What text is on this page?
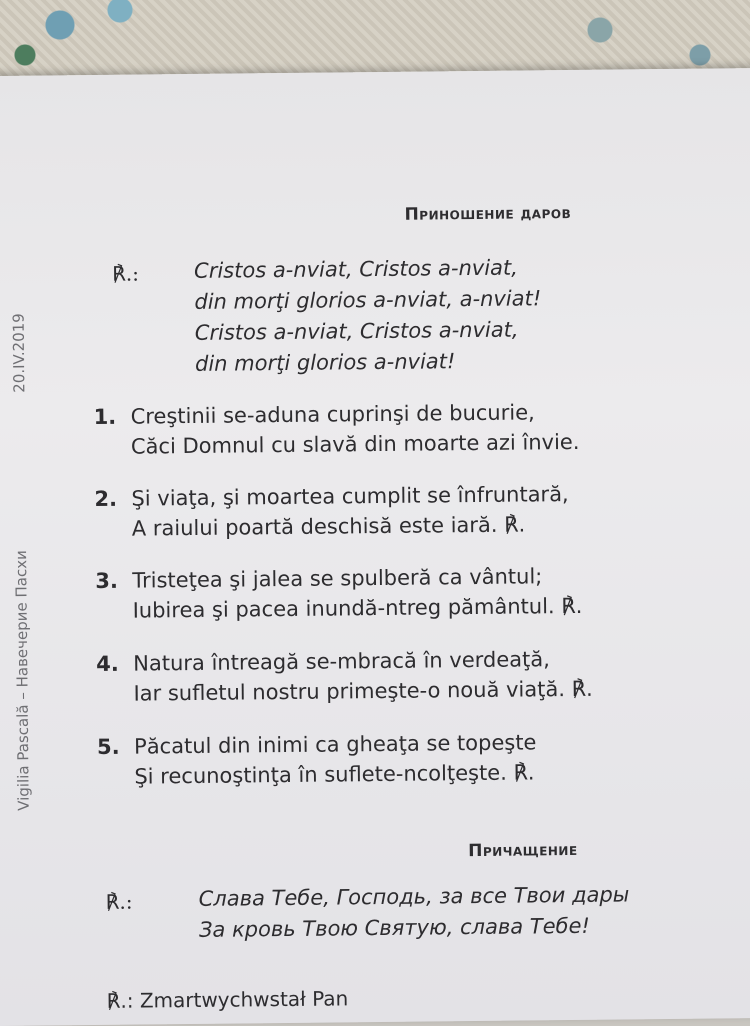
Vigilia Pascală – Навечерие Пасхи
20.IV.2019
Приношение даров
℟.:	Cristos a-nviat, Cristos a-nviat,
din morţi glorios a-nviat, a-nviat!
Cristos a-nviat, Cristos a-nviat,
din morţi glorios a-nviat!
1. Creştinii se-aduna cuprinşi de bucurie,
Căci Domnul cu slavă din moarte azi învie.
2. Şi viaţa, şi moartea cumplit se înfruntară,
A raiului poartă deschisă este iară. ℟.
3. Tristeţea şi jalea se spulberă ca vântul;
Iubirea şi pacea inundă-ntreg pământul. ℟.
4. Natura întreagă se-mbracă în verdeaţă,
Iar sufletul nostru primeşte-o nouă viaţă. ℟.
5. Păcatul din inimi ca gheaţa se topeşte
Şi recunoştinţa în suflete-ncolţeşte. ℟.
Причащение
℟.:	Слава Тебе, Господь, за все Твои дары
За кровь Твою Святую, слава Тебе!
℟.: Zmartwychwstał Pan
